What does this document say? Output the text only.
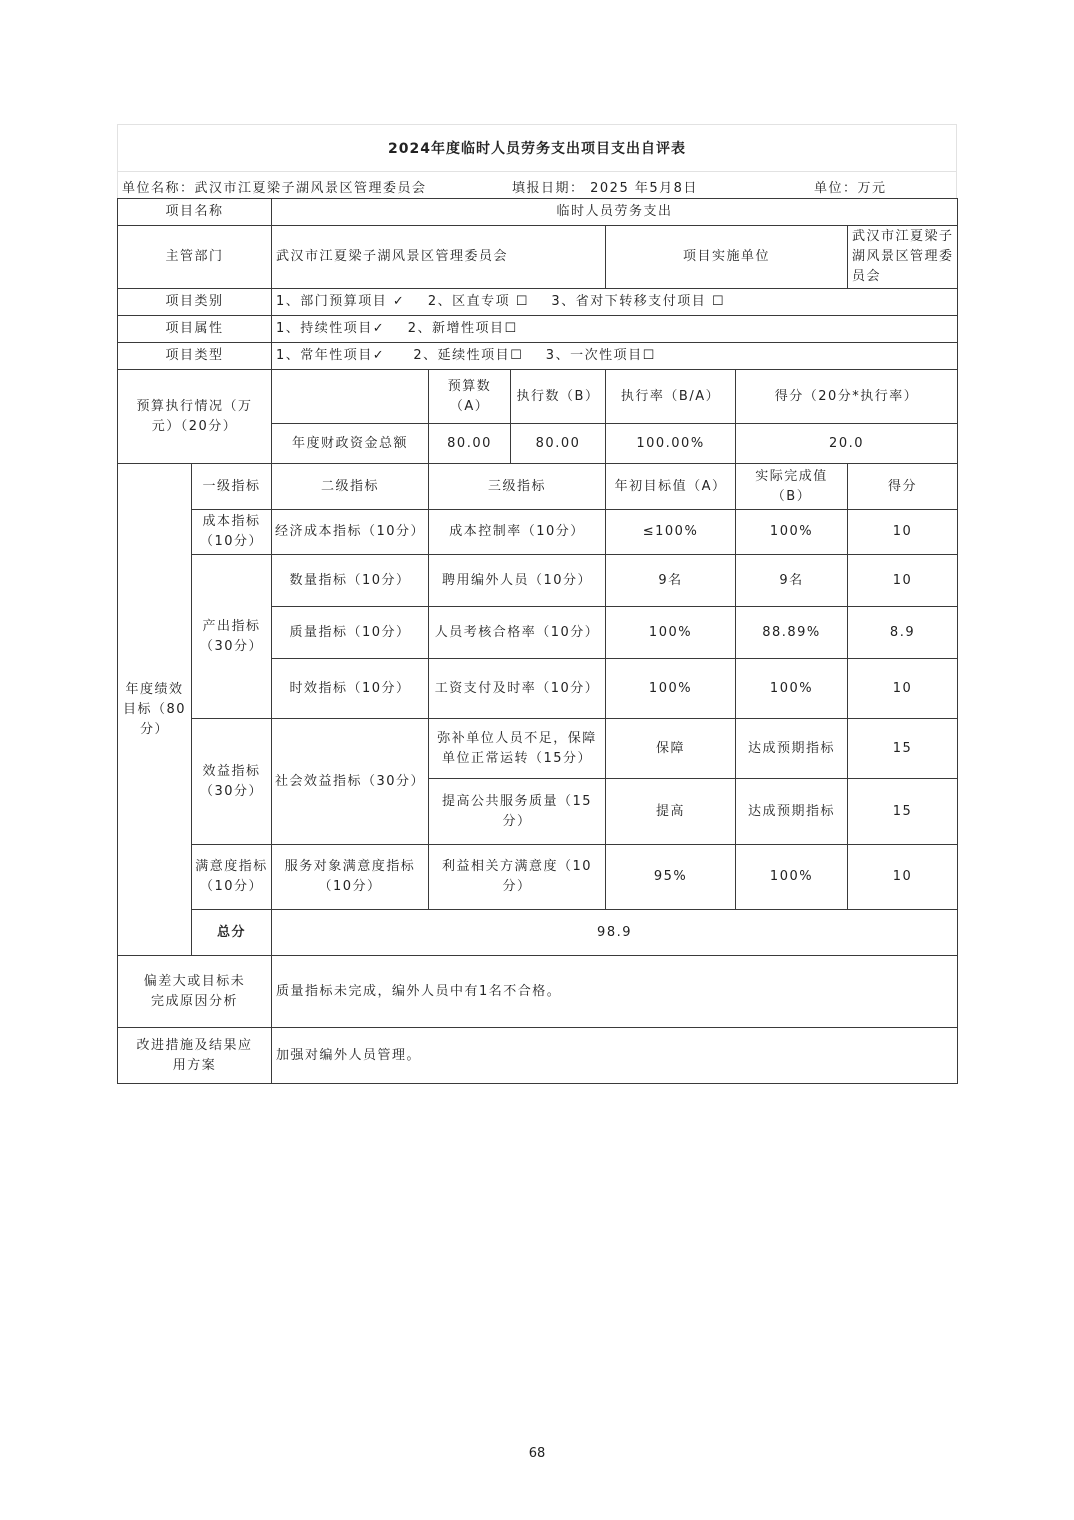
2024年度临时人员劳务支出项目支出自评表
单位名称：武汉市江夏梁子湖风景区管理委员会	填报日期： 2025 年5月8日	单位：万元
项目名称		临时人员劳务支出					
主管部门		武汉市江夏梁子湖风景区管理委员会			项目实施单位		武汉市江夏梁子湖风景区管理委员会
项目类别		1、部门预算项目 ✓    2、区直专项 ☐    3、省对下转移支付项目 ☐					
项目属性		1、持续性项目✓    2、新增性项目☐					
项目类型		1、常年性项目✓     2、延续性项目☐    3、一次性项目☐					
预算执行情况（万元）（20分）			预算数（A）	执行数（B）	执行率（B/A）	得分（20分*执行率）	
		年度财政资金总额	80.00	80.00	100.00%	20.0	
年度绩效目标（80分）	一级指标	二级指标	三级指标		年初目标值（A）	实际完成值（B）	得分
	成本指标（10分）	经济成本指标（10分）	成本控制率（10分）		≤100%	100%	10
	产出指标（30分）	数量指标（10分）	聘用编外人员（10分）		9名	9名	10
		质量指标（10分）	人员考核合格率（10分）		100%	88.89%	8.9
		时效指标（10分）	工资支付及时率（10分）		100%	100%	10
	效益指标（30分）	社会效益指标（30分）	弥补单位人员不足，保障单位正常运转（15分）		保障	达成预期指标	15
			提高公共服务质量（15分）		提高	达成预期指标	15
	满意度指标（10分）	服务对象满意度指标（10分）	利益相关方满意度（10分）		95%	100%	10
	总分	98.9					
偏差大或目标未完成原因分析		质量指标未完成，编外人员中有1名不合格。					
改进措施及结果应用方案		加强对编外人员管理。					
68
